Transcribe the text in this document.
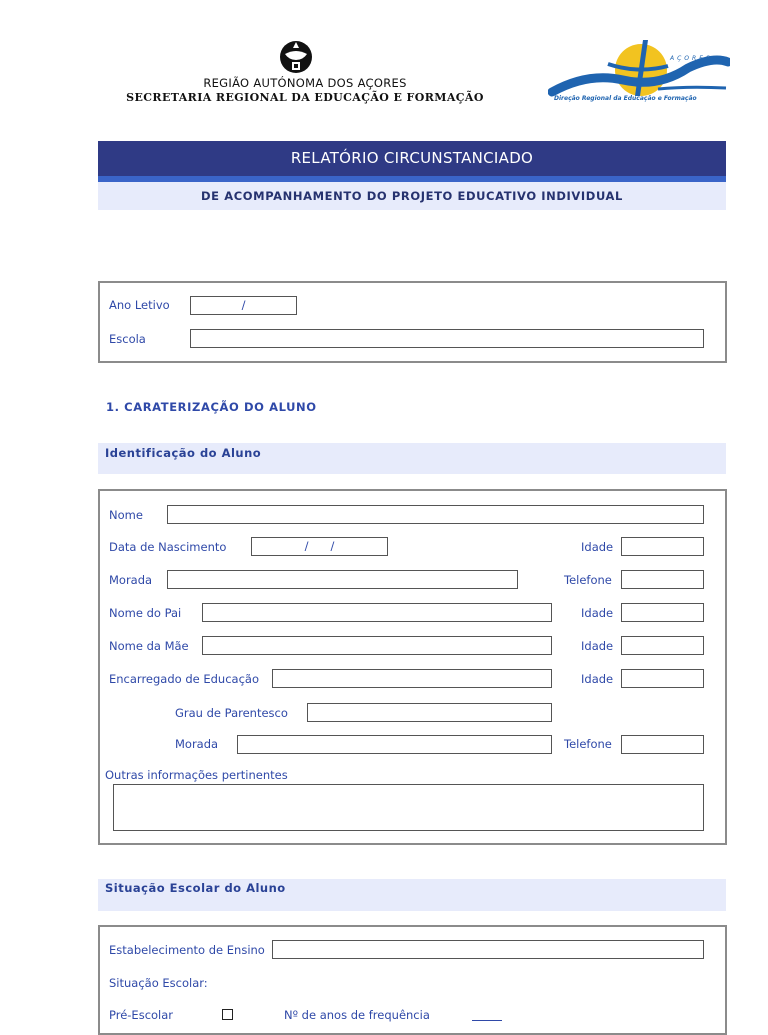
REGIÃO AUTÓNOMA DOS AÇORES
SECRETARIA REGIONAL DA EDUCAÇÃO E FORMAÇÃO
AÇORES
Direção Regional da Educação e Formação
RELATÓRIO CIRCUNSTANCIADO
DE ACOMPANHAMENTO DO PROJETO EDUCATIVO INDIVIDUAL
Ano Letivo	/
Escola
1. CARATERIZAÇÃO DO ALUNO
Identificação do Aluno
Nome
Data de Nascimento	/      /	Idade
Morada	Telefone
Nome do Pai	Idade
Nome da Mãe	Idade
Encarregado de Educação	Idade
Grau de Parentesco
Morada	Telefone
Outras informações pertinentes
Situação Escolar do Aluno
Estabelecimento de Ensino
Situação Escolar:
Pré-Escolar	Nº de anos de frequência
